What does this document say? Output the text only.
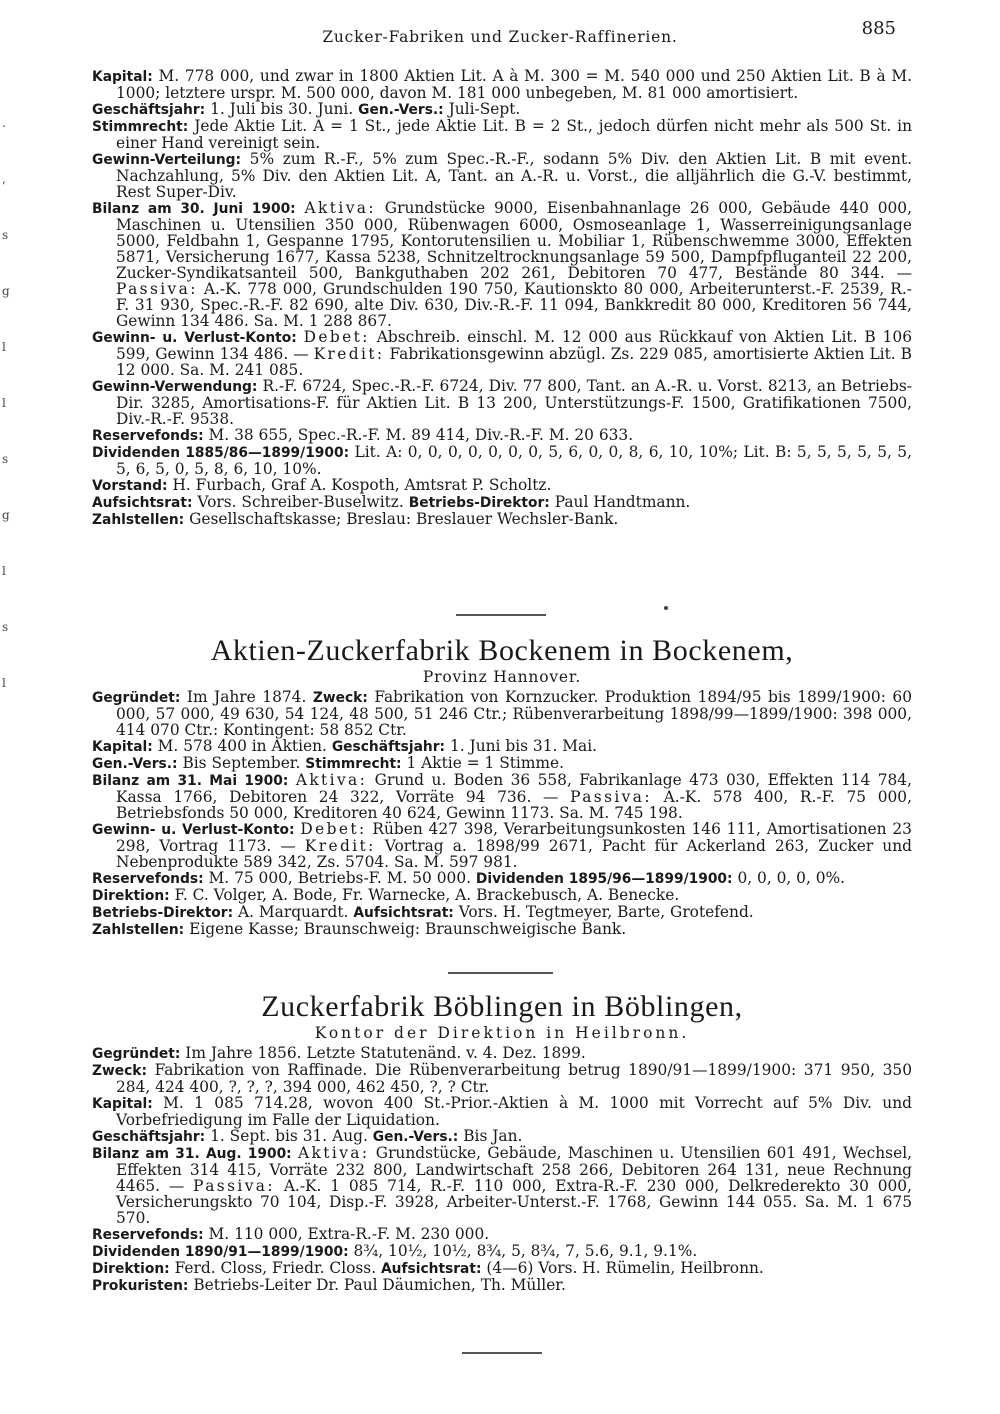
Zucker-Fabriken und Zucker-Raffinerien.	885
.
,
s
g
l
l
s
g
l
s
l

Kapital: M. 778 000, und zwar in 1800 Aktien Lit. A à M. 300 = M. 540 000 und 250 Aktien Lit. B à M. 1000; letztere urspr. M. 500 000, davon M. 181 000 unbegeben, M. 81 000 amortisiert.

Geschäftsjahr: 1. Juli bis 30. Juni. Gen.-Vers.: Juli-Sept.

Stimmrecht: Jede Aktie Lit. A = 1 St., jede Aktie Lit. B = 2 St., jedoch dürfen nicht mehr als 500 St. in einer Hand vereinigt sein.

Gewinn-Verteilung: 5% zum R.-F., 5% zum Spec.-R.-F., sodann 5% Div. den Aktien Lit. B mit event. Nachzahlung, 5% Div. den Aktien Lit. A, Tant. an A.-R. u. Vorst., die alljährlich die G.-V. bestimmt, Rest Super-Div.

Bilanz am 30. Juni 1900: Aktiva: Grundstücke 9000, Eisenbahnanlage 26 000, Gebäude 440 000, Maschinen u. Utensilien 350 000, Rübenwagen 6000, Osmoseanlage 1, Wasserreinigungsanlage 5000, Feldbahn 1, Gespanne 1795, Kontorutensilien u. Mobiliar 1, Rübenschwemme 3000, Effekten 5871, Versicherung 1677, Kassa 5238, Schnitzeltrocknungsanlage 59 500, Dampfpfluganteil 22 200, Zucker-Syndikatsanteil 500, Bankguthaben 202 261, Debitoren 70 477, Bestände 80 344. — Passiva: A.-K. 778 000, Grundschulden 190 750, Kautionskto 80 000, Arbeiterunterst.-F. 2539, R.-F. 31 930, Spec.-R.-F. 82 690, alte Div. 630, Div.-R.-F. 11 094, Bankkredit 80 000, Kreditoren 56 744, Gewinn 134 486. Sa. M. 1 288 867.

Gewinn- u. Verlust-Konto: Debet: Abschreib. einschl. M. 12 000 aus Rückkauf von Aktien Lit. B 106 599, Gewinn 134 486. — Kredit: Fabrikationsgewinn abzügl. Zs. 229 085, amortisierte Aktien Lit. B 12 000. Sa. M. 241 085.

Gewinn-Verwendung: R.-F. 6724, Spec.-R.-F. 6724, Div. 77 800, Tant. an A.-R. u. Vorst. 8213, an Betriebs-Dir. 3285, Amortisations-F. für Aktien Lit. B 13 200, Unterstützungs-F. 1500, Gratifikationen 7500, Div.-R.-F. 9538.

Reservefonds: M. 38 655, Spec.-R.-F. M. 89 414, Div.-R.-F. M. 20 633.

Dividenden 1885/86—1899/1900: Lit. A: 0, 0, 0, 0, 0, 0, 0, 5, 6, 0, 0, 8, 6, 10, 10%; Lit. B: 5, 5, 5, 5, 5, 5, 5, 6, 5, 0, 5, 8, 6, 10, 10%.

Vorstand: H. Furbach, Graf A. Kospoth, Amtsrat P. Scholtz.

Aufsichtsrat: Vors. Schreiber-Buselwitz. Betriebs-Direktor: Paul Handtmann.

Zahlstellen: Gesellschaftskasse; Breslau: Breslauer Wechsler-Bank.

Aktien-Zuckerfabrik Bockenem in Bockenem,
Provinz Hannover.

Gegründet: Im Jahre 1874. Zweck: Fabrikation von Kornzucker. Produktion 1894/95 bis 1899/1900: 60 000, 57 000, 49 630, 54 124, 48 500, 51 246 Ctr.; Rübenverarbeitung 1898/99—1899/1900: 398 000, 414 070 Ctr.: Kontingent: 58 852 Ctr.

Kapital: M. 578 400 in Aktien. Geschäftsjahr: 1. Juni bis 31. Mai.

Gen.-Vers.: Bis September. Stimmrecht: 1 Aktie = 1 Stimme.

Bilanz am 31. Mai 1900: Aktiva: Grund u. Boden 36 558, Fabrikanlage 473 030, Effekten 114 784, Kassa 1766, Debitoren 24 322, Vorräte 94 736. — Passiva: A.-K. 578 400, R.-F. 75 000, Betriebsfonds 50 000, Kreditoren 40 624, Gewinn 1173. Sa. M. 745 198.

Gewinn- u. Verlust-Konto: Debet: Rüben 427 398, Verarbeitungsunkosten 146 111, Amortisationen 23 298, Vortrag 1173. — Kredit: Vortrag a. 1898/99 2671, Pacht für Ackerland 263, Zucker und Nebenprodukte 589 342, Zs. 5704. Sa. M. 597 981.

Reservefonds: M. 75 000, Betriebs-F. M. 50 000. Dividenden 1895/96—1899/1900: 0, 0, 0, 0, 0%.

Direktion: F. C. Volger, A. Bode, Fr. Warnecke, A. Brackebusch, A. Benecke.

Betriebs-Direktor: A. Marquardt. Aufsichtsrat: Vors. H. Tegtmeyer, Barte, Grotefend.

Zahlstellen: Eigene Kasse; Braunschweig: Braunschweigische Bank.

Zuckerfabrik Böblingen in Böblingen,
Kontor der Direktion in Heilbronn.

Gegründet: Im Jahre 1856. Letzte Statutenänd. v. 4. Dez. 1899.

Zweck: Fabrikation von Raffinade. Die Rübenverarbeitung betrug 1890/91—1899/1900: 371 950, 350 284, 424 400, ?, ?, ?, 394 000, 462 450, ?, ? Ctr.

Kapital: M. 1 085 714.28, wovon 400 St.-Prior.-Aktien à M. 1000 mit Vorrecht auf 5% Div. und Vorbefriedigung im Falle der Liquidation.

Geschäftsjahr: 1. Sept. bis 31. Aug. Gen.-Vers.: Bis Jan.

Bilanz am 31. Aug. 1900: Aktiva: Grundstücke, Gebäude, Maschinen u. Utensilien 601 491, Wechsel, Effekten 314 415, Vorräte 232 800, Landwirtschaft 258 266, Debitoren 264 131, neue Rechnung 4465. — Passiva: A.-K. 1 085 714, R.-F. 110 000, Extra-R.-F. 230 000, Delkrederekto 30 000, Versicherungskto 70 104, Disp.-F. 3928, Arbeiter-Unterst.-F. 1768, Gewinn 144 055. Sa. M. 1 675 570.

Reservefonds: M. 110 000, Extra-R.-F. M. 230 000.

Dividenden 1890/91—1899/1900: 8¾, 10½, 10½, 8¾, 5, 8¾, 7, 5.6, 9.1, 9.1%.

Direktion: Ferd. Closs, Friedr. Closs. Aufsichtsrat: (4—6) Vors. H. Rümelin, Heilbronn.

Prokuristen: Betriebs-Leiter Dr. Paul Däumichen, Th. Müller.
